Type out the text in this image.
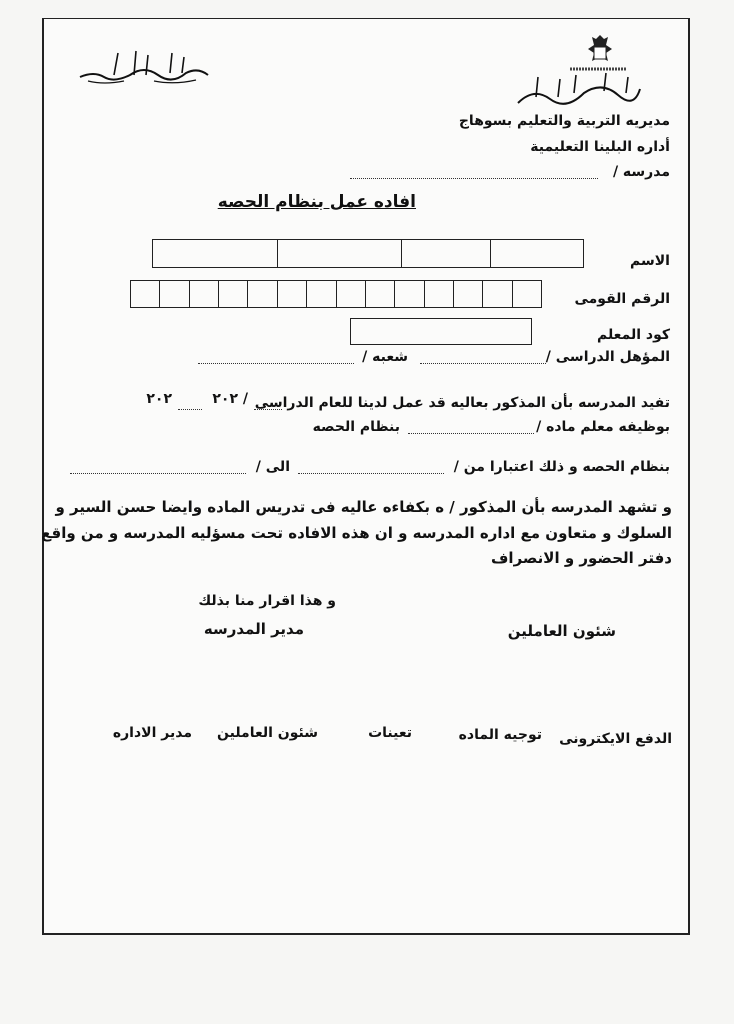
مديريه التربية والتعليم بسوهاج
أداره البلينا التعليمية
مدرسه /
افاده عمل بنظام الحصه
الاسم
الرقم القومى
كود المعلم
المؤهل الدراسى /
شعبه /
تفيد المدرسه بأن المذكور بعاليه قد عمل لدينا للعام الدراسى
٢٠٢ /
٢٠٢
بوظيفه معلم ماده /
بنظام الحصه
بنظام الحصه و ذلك اعتبارا من /
الى /
و تشهد المدرسه بأن المذكور / ه بكفاءه عاليه فى تدريس الماده وايضا حسن السير و
السلوك و متعاون مع اداره المدرسه و ان هذه الافاده تحت مسؤليه المدرسه و من واقع
دفتر الحضور و الانصراف
و هذا اقرار منا بذلك
شئون العاملين
مدير المدرسه
الدفع الايكترونى
توجيه الماده
تعينات
شئون العاملين
مدير الاداره
